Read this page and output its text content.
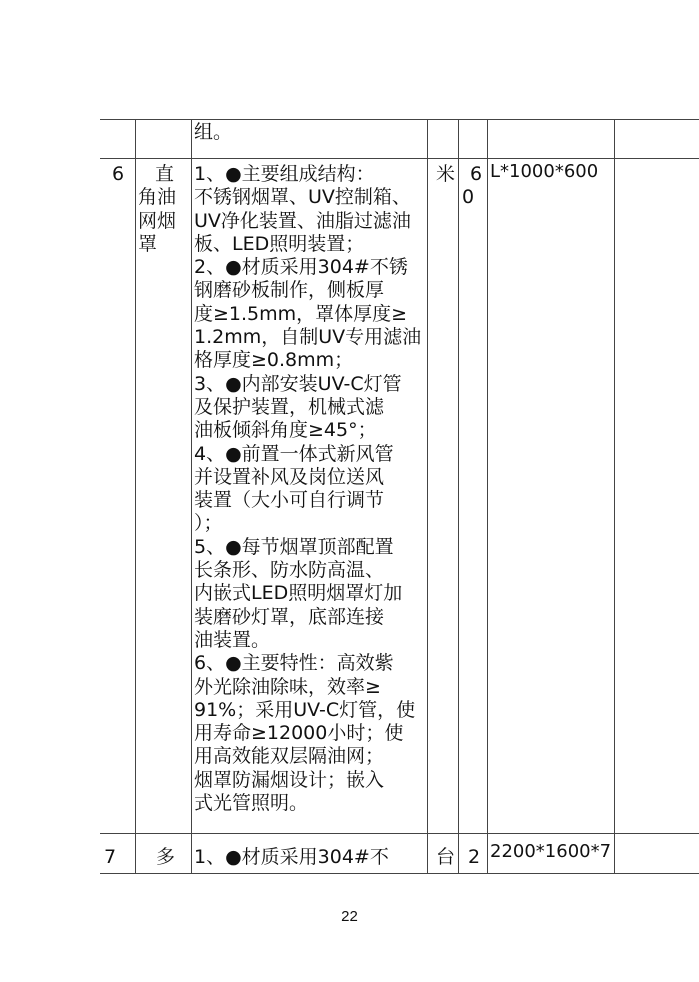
组。
6	直
角油
网烟
罩
1、●主要组成结构：
不锈钢烟罩、UV控制箱、
UV净化装置、油脂过滤油
板、LED照明装置；
2、●材质采用304#不锈
钢磨砂板制作，侧板厚
度≥1.5mm，罩体厚度≥
1.2mm，自制UV专用滤油
格厚度≥0.8mm；
3、●内部安装UV-C灯管
及保护装置，机械式滤
油板倾斜角度≥45°；
4、●前置一体式新风管
并设置补风及岗位送风
装置（大小可自行调节
）；
5、●每节烟罩顶部配置
长条形、防水防高温、
内嵌式LED照明烟罩灯加
装磨砂灯罩，底部连接
油装置。
6、●主要特性：高效紫
外光除油除味，效率≥
91%；采用UV-C灯管，使
用寿命≥12000小时；使
用高效能双层隔油网；
烟罩防漏烟设计；嵌入
式光管照明。
米 6
0
L*1000*600
7 多 1、●材质采用304#不 台 2 2200*1600*7
22
